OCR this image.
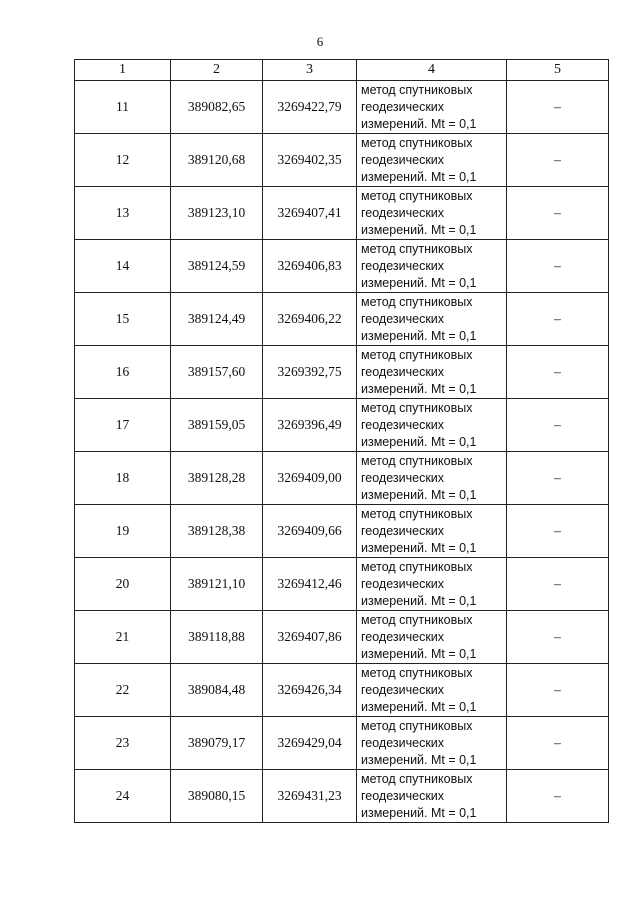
6
1	2	3	4	5
11	389082,65	3269422,79	метод спутниковых
геодезических
измерений. Mt = 0,1	–
12	389120,68	3269402,35	метод спутниковых
геодезических
измерений. Mt = 0,1	–
13	389123,10	3269407,41	метод спутниковых
геодезических
измерений. Mt = 0,1	–
14	389124,59	3269406,83	метод спутниковых
геодезических
измерений. Mt = 0,1	–
15	389124,49	3269406,22	метод спутниковых
геодезических
измерений. Mt = 0,1	–
16	389157,60	3269392,75	метод спутниковых
геодезических
измерений. Mt = 0,1	–
17	389159,05	3269396,49	метод спутниковых
геодезических
измерений. Mt = 0,1	–
18	389128,28	3269409,00	метод спутниковых
геодезических
измерений. Mt = 0,1	–
19	389128,38	3269409,66	метод спутниковых
геодезических
измерений. Mt = 0,1	–
20	389121,10	3269412,46	метод спутниковых
геодезических
измерений. Mt = 0,1	–
21	389118,88	3269407,86	метод спутниковых
геодезических
измерений. Mt = 0,1	–
22	389084,48	3269426,34	метод спутниковых
геодезических
измерений. Mt = 0,1	–
23	389079,17	3269429,04	метод спутниковых
геодезических
измерений. Mt = 0,1	–
24	389080,15	3269431,23	метод спутниковых
геодезических
измерений. Mt = 0,1	–
